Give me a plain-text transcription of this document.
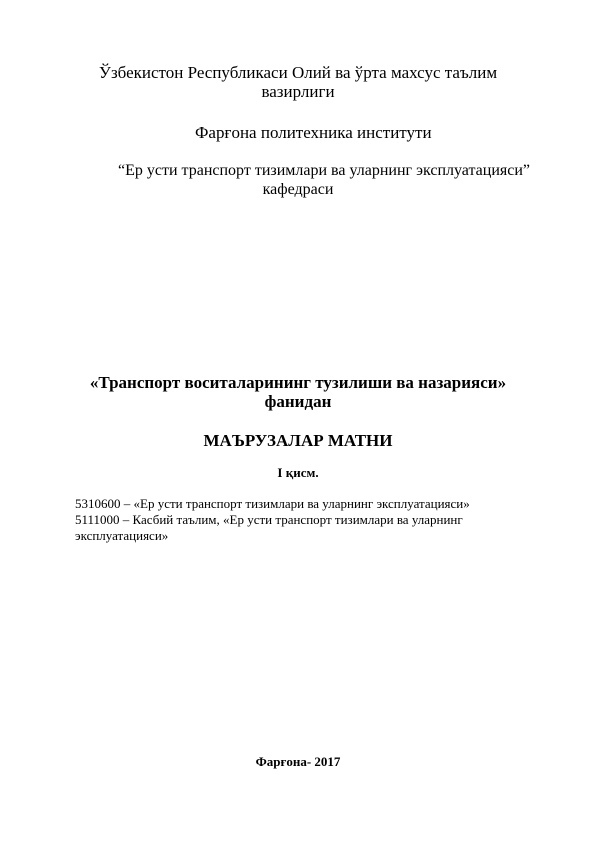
Ўзбекистон Республикаси Олий ва ўрта махсус таълим
вазирлиги
Фарғона политехника институти
“Ер усти транспорт тизимлари ва уларнинг эксплуатацияси”
кафедраси
«Транспорт воситаларининг тузилиши ва назарияси»
фанидан
МАЪРУЗАЛАР МАТНИ
I қисм.
5310600 – «Ер усти транспорт тизимлари ва уларнинг эксплуатацияси»
5111000 – Касбий таълим, «Ер усти транспорт тизимлари ва уларнинг
эксплуатацияси»
Фарғона- 2017
